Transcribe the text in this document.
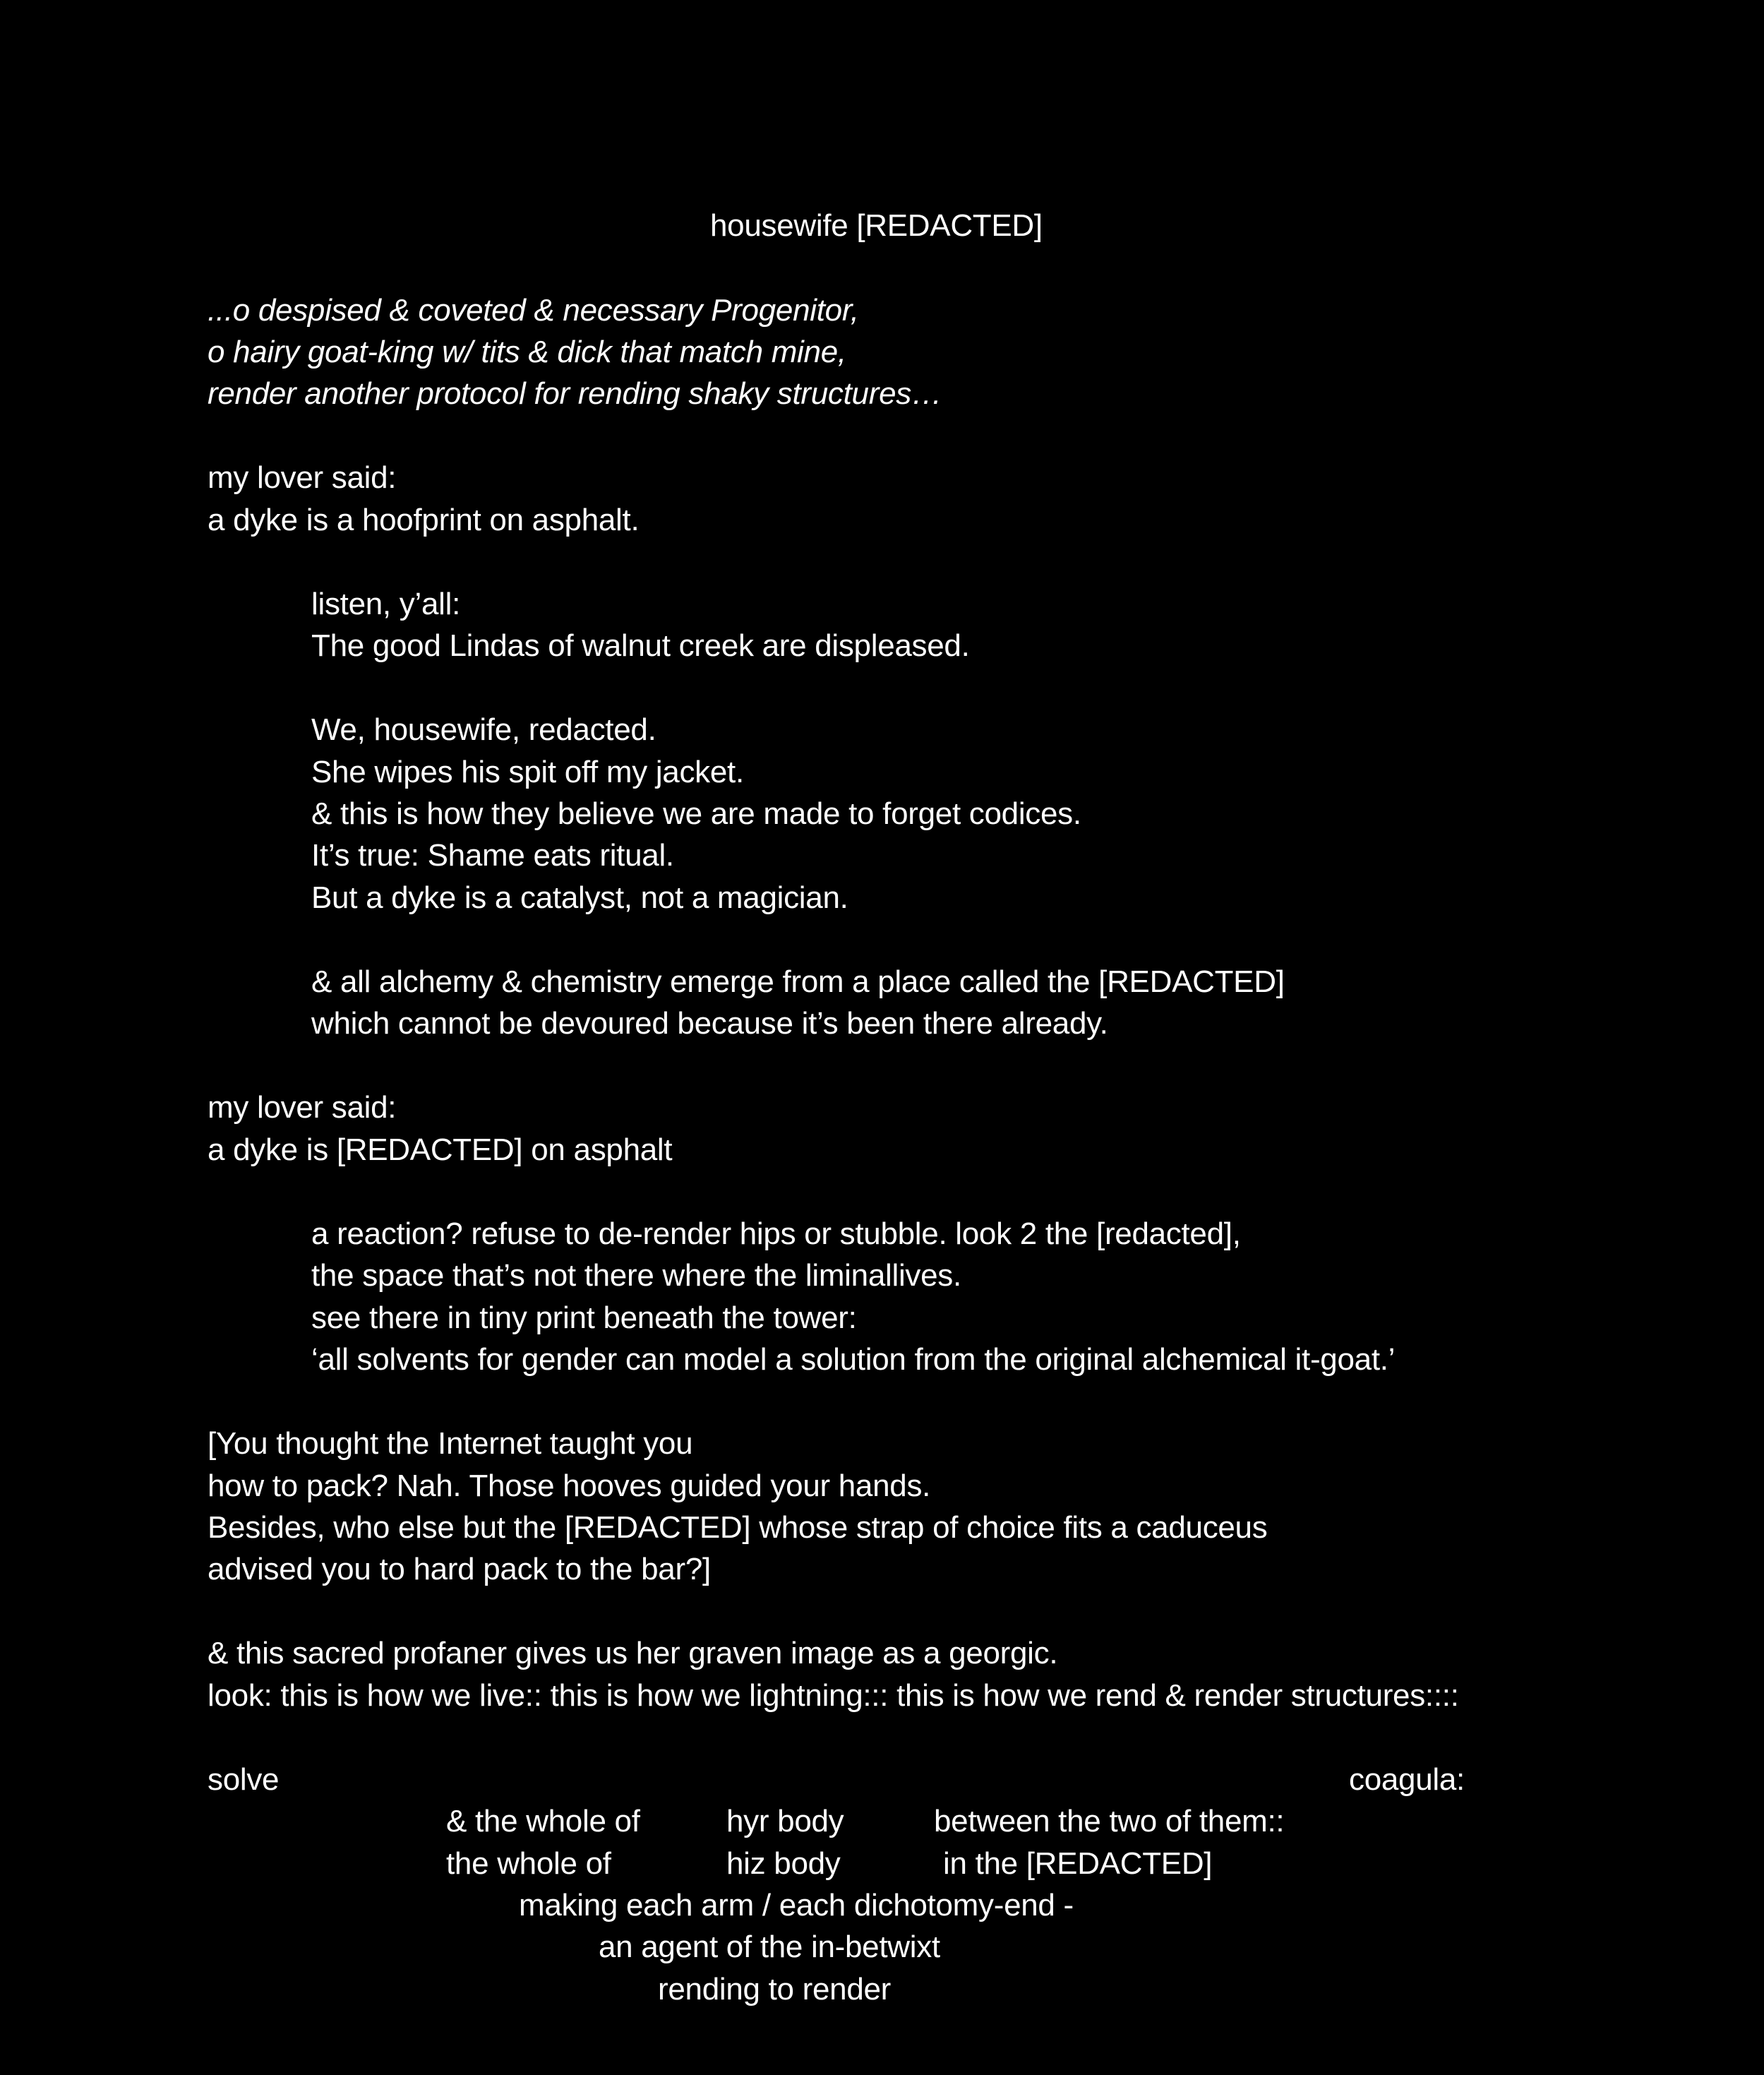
housewife [REDACTED]
...o despised & coveted & necessary Progenitor,
o hairy goat-king w/ tits & dick that match mine,
render another protocol for rending shaky structures…
my lover said:
a dyke is a hoofprint on asphalt.
listen, y’all:
The good Lindas of walnut creek are displeased.
We, housewife, redacted.
She wipes his spit off my jacket.
& this is how they believe we are made to forget codices.
It’s true: Shame eats ritual.
But a dyke is a catalyst, not a magician.
& all alchemy & chemistry emerge from a place called the [REDACTED]
which cannot be devoured because it’s been there already.
my lover said:
a dyke is [REDACTED] on asphalt
a reaction? refuse to de-render hips or stubble. look 2 the [redacted],
the space that’s not there where the liminallives.
see there in tiny print beneath the tower:
‘all solvents for gender can model a solution from the original alchemical it-goat.’
[You thought the Internet taught you
how to pack? Nah. Those hooves guided your hands.
Besides, who else but the [REDACTED] whose strap of choice fits a caduceus
advised you to hard pack to the bar?]
& this sacred profaner gives us her graven image as a georgic.
look: this is how we live:: this is how we lightning::: this is how we rend & render structures::::
solve	coagula:
& the whole of	hyr body	between the two of them::
the whole of	hiz body	in the [REDACTED]
making each arm / each dichotomy-end -
an agent of the in-betwixt
rending to render
